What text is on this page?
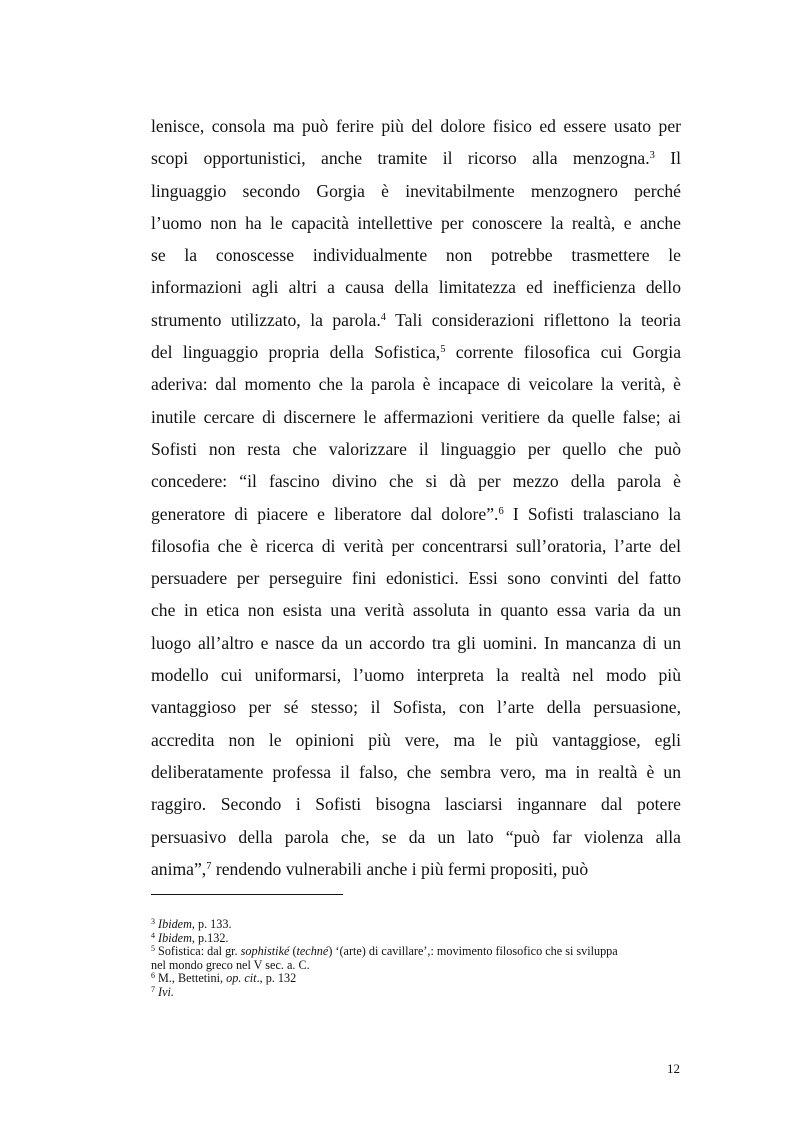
lenisce, consola ma può ferire più del dolore fisico ed essere usato per
scopi opportunistici, anche tramite il ricorso alla menzogna.$^3$ Il
linguaggio secondo Gorgia è inevitabilmente menzognero perché
l’uomo non ha le capacità intellettive per conoscere la realtà, e anche
se la conoscesse individualmente non potrebbe trasmettere le
informazioni agli altri a causa della limitatezza ed inefficienza dello
strumento utilizzato, la parola.$^4$ Tali considerazioni riflettono la teoria
del linguaggio propria della Sofistica,$^5$ corrente filosofica cui Gorgia
aderiva: dal momento che la parola è incapace di veicolare la verità, è
inutile cercare di discernere le affermazioni veritiere da quelle false; ai
Sofisti non resta che valorizzare il linguaggio per quello che può
concedere: “il fascino divino che si dà per mezzo della parola è
generatore di piacere e liberatore dal dolore”.$^6$ I Sofisti tralasciano la
filosofia che è ricerca di verità per concentrarsi sull’oratoria, l’arte del
persuadere per perseguire fini edonistici. Essi sono convinti del fatto
che in etica non esista una verità assoluta in quanto essa varia da un
luogo all’altro e nasce da un accordo tra gli uomini. In mancanza di un
modello cui uniformarsi, l’uomo interpreta la realtà nel modo più
vantaggioso per sé stesso; il Sofista, con l’arte della persuasione,
accredita non le opinioni più vere, ma le più vantaggiose, egli
deliberatamente professa il falso, che sembra vero, ma in realtà è un
raggiro. Secondo i Sofisti bisogna lasciarsi ingannare dal potere
persuasivo della parola che, se da un lato “può far violenza alla
anima”,$^7$ rendendo vulnerabili anche i più fermi propositi, può
$^3$ Ibidem, p. 133.
$^4$ Ibidem, p.132.
$^5$ Sofistica: dal gr. sophistiké (techné) ‘(arte) di cavillare’,: movimento filosofico che si sviluppa
nel mondo greco nel V sec. a. C.
$^6$ M., Bettetini, op. cit., p. 132
$^7$ Ivi.
12
